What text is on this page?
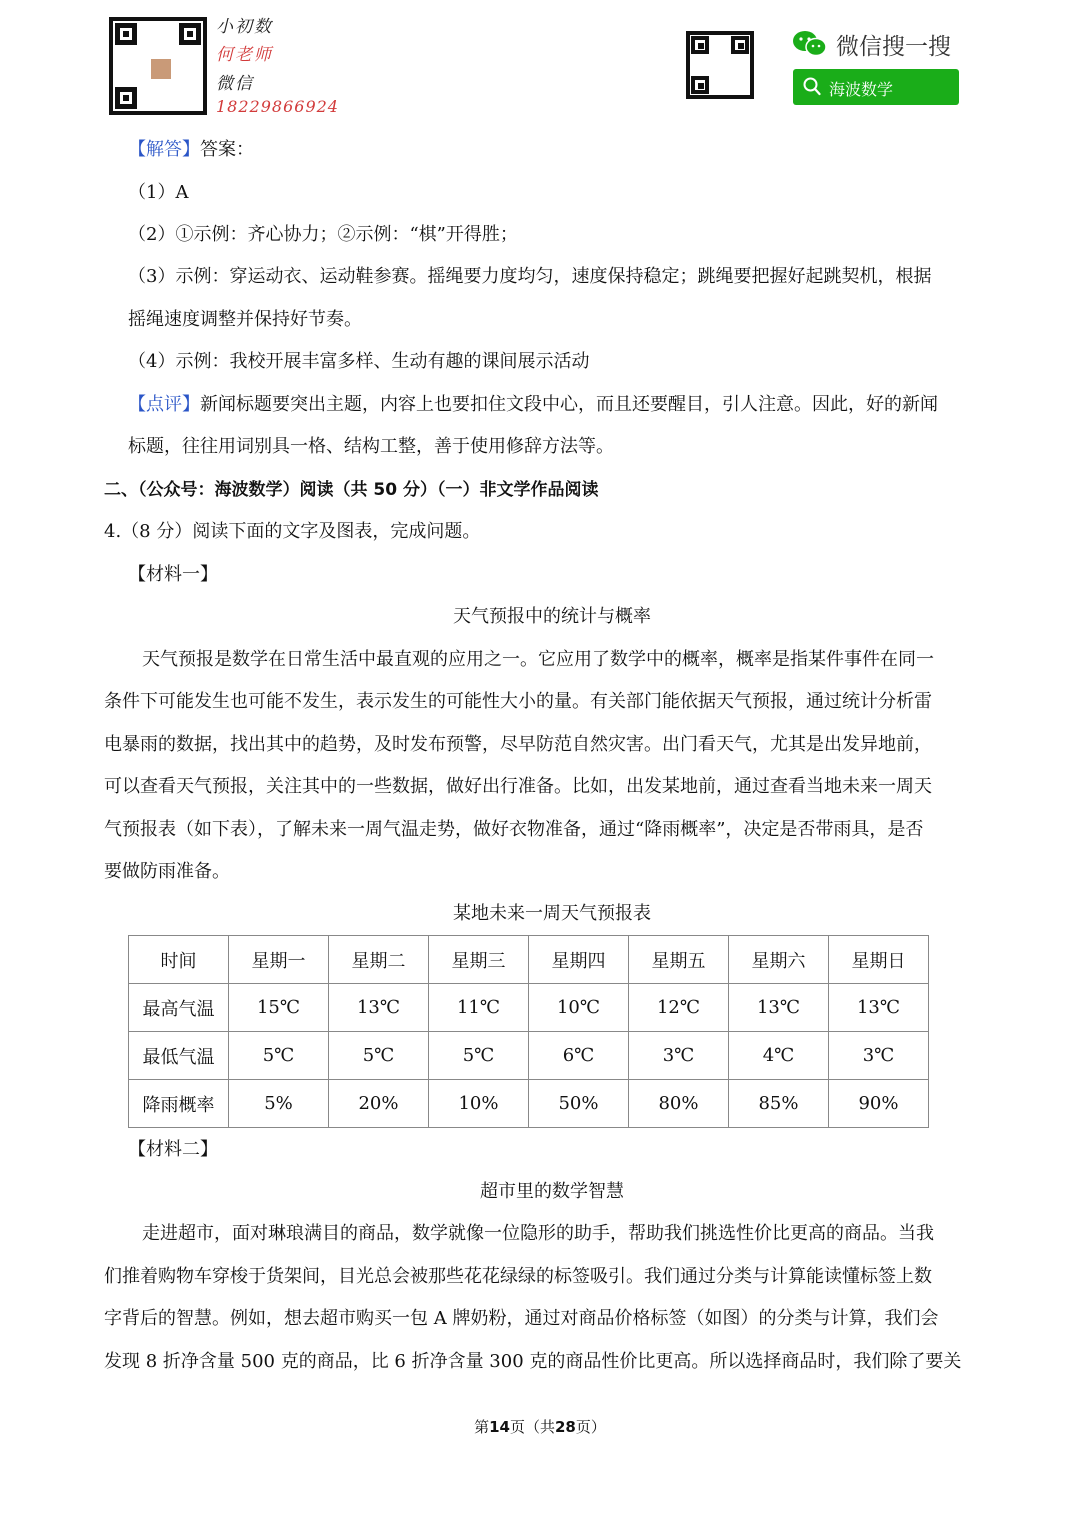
小初数
何老师
微信
18229866924
微信搜一搜
海波数学
【解答】答案：
（1）A
（2）①示例：齐心协力；②示例：“棋”开得胜；
（3）示例：穿运动衣、运动鞋参赛。摇绳要力度均匀，速度保持稳定；跳绳要把握好起跳契机，根据
摇绳速度调整并保持好节奏。
（4）示例：我校开展丰富多样、生动有趣的课间展示活动
【点评】新闻标题要突出主题，内容上也要扣住文段中心，而且还要醒目，引人注意。因此，好的新闻
标题，往往用词别具一格、结构工整，善于使用修辞方法等。
二、（公众号：海波数学）阅读（共 50 分）（一）非文学作品阅读
4.（8 分）阅读下面的文字及图表，完成问题。
【材料一】
天气预报中的统计与概率
天气预报是数学在日常生活中最直观的应用之一。它应用了数学中的概率，概率是指某件事件在同一
条件下可能发生也可能不发生，表示发生的可能性大小的量。有关部门能依据天气预报，通过统计分析雷
电暴雨的数据，找出其中的趋势，及时发布预警，尽早防范自然灾害。出门看天气，尤其是出发异地前，
可以查看天气预报，关注其中的一些数据，做好出行准备。比如，出发某地前，通过查看当地未来一周天
气预报表（如下表），了解未来一周气温走势，做好衣物准备，通过“降雨概率”，决定是否带雨具，是否
要做防雨准备。
某地未来一周天气预报表
时间	星期一	星期二	星期三	星期四	星期五	星期六	星期日
最高气温	15℃	13℃	11℃	10℃	12℃	13℃	13℃
最低气温	5℃	5℃	5℃	6℃	3℃	4℃	3℃
降雨概率	5%	20%	10%	50%	80%	85%	90%
【材料二】
超市里的数学智慧
走进超市，面对琳琅满目的商品，数学就像一位隐形的助手，帮助我们挑选性价比更高的商品。当我
们推着购物车穿梭于货架间，目光总会被那些花花绿绿的标签吸引。我们通过分类与计算能读懂标签上数
字背后的智慧。例如，想去超市购买一包 A 牌奶粉，通过对商品价格标签（如图）的分类与计算，我们会
发现 8 折净含量 500 克的商品，比 6 折净含量 300 克的商品性价比更高。所以选择商品时，我们除了要关
第14页（共28页）
